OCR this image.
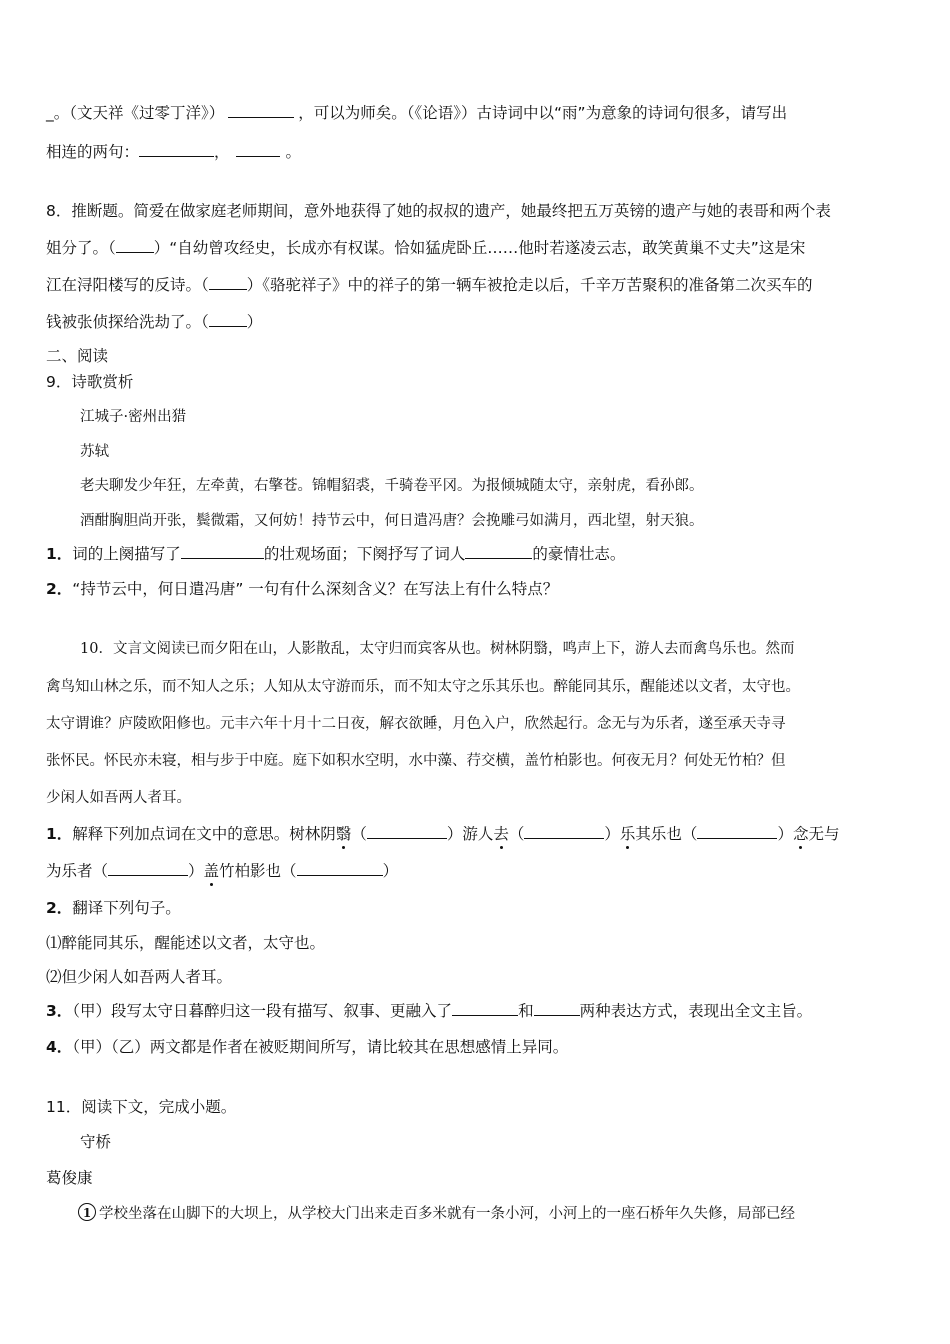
_。（文天祥《过零丁洋》）	，可以为师矣。（《论语》）古诗词中以“雨”为意象的诗词句很多，请写出
相连的两句：	，	。
8．推断题。简爱在做家庭老师期间，意外地获得了她的叔叔的遗产，她最终把五万英镑的遗产与她的表哥和两个表
姐分了。（ ）“自幼曾攻经史，长成亦有权谋。恰如猛虎卧丘……他时若遂凌云志，敢笑黄巢不丈夫”这是宋
江在浔阳楼写的反诗。（ ）《骆驼祥子》中的祥子的第一辆车被抢走以后，千辛万苦聚积的准备第二次买车的
钱被张侦探给洗劫了。（ ）
二、阅读
9．诗歌赏析
江城子·密州出猎
苏轼
老夫聊发少年狂，左牵黄，右擎苍。锦帽貂裘，千骑卷平冈。为报倾城随太守，亲射虎，看孙郎。
酒酣胸胆尚开张，鬓微霜，又何妨！持节云中，何日遣冯唐？会挽雕弓如满月，西北望，射天狼。
1．词的上阕描写了	的壮观场面；下阕抒写了词人	的豪情壮志。
2．“持节云中，何日遣冯唐” 一句有什么深刻含义？在写法上有什么特点？
10．文言文阅读已而夕阳在山，人影散乱，太守归而宾客从也。树林阴翳，鸣声上下，游人去而禽鸟乐也。然而
禽鸟知山林之乐，而不知人之乐；人知从太守游而乐，而不知太守之乐其乐也。醉能同其乐，醒能述以文者，太守也。
太守谓谁？庐陵欧阳修也。元丰六年十月十二日夜，解衣欲睡，月色入户，欣然起行。念无与为乐者，遂至承天寺寻
张怀民。怀民亦未寝，相与步于中庭。庭下如积水空明，水中藻、荇交横，盖竹柏影也。何夜无月？何处无竹柏？但
少闲人如吾两人者耳。
1．解释下列加点词在文中的意思。树林阴翳（	）游人去（	）乐其乐也（	）念无与
为乐者（	）盖竹柏影也（	）
2．翻译下列句子。
⑴醉能同其乐，醒能述以文者，太守也。
⑵但少闲人如吾两人者耳。
3．（甲）段写太守日暮醉归这一段有描写、叙事、更融入了	和	两种表达方式，表现出全文主旨。
4．（甲）（乙）两文都是作者在被贬期间所写，请比较其在思想感情上异同。
11．阅读下文，完成小题。
守桥
葛俊康
1 学校坐落在山脚下的大坝上，从学校大门出来走百多米就有一条小河，小河上的一座石桥年久失修，局部已经
